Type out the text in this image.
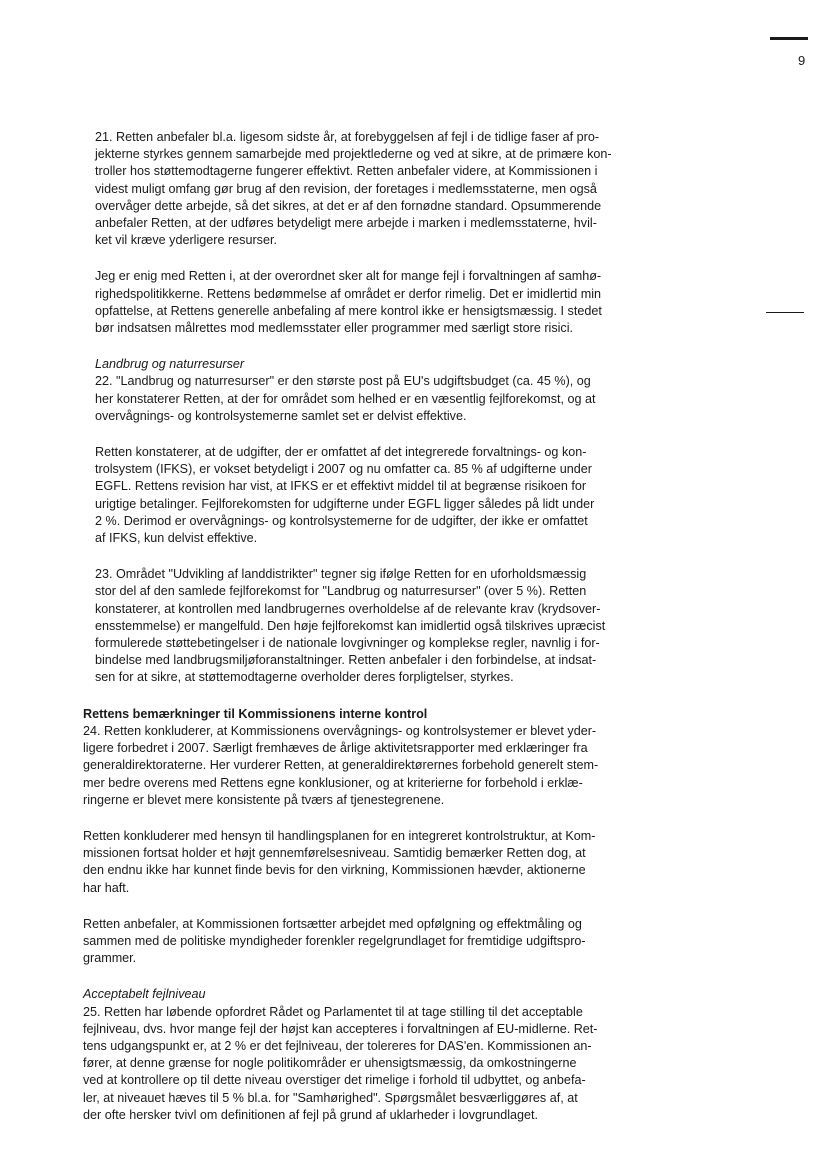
9

21. Retten anbefaler bl.a. ligesom sidste år, at forebyggelsen af fejl i de tidlige faser af pro-

jekterne styrkes gennem samarbejde med projektlederne og ved at sikre, at de primære kon-

troller hos støttemodtagerne fungerer effektivt. Retten anbefaler videre, at Kommissionen i

videst muligt omfang gør brug af den revision, der foretages i medlemsstaterne, men også

overvåger dette arbejde, så det sikres, at det er af den fornødne standard. Opsummerende

anbefaler Retten, at der udføres betydeligt mere arbejde i marken i medlemsstaterne, hvil-

ket vil kræve yderligere resurser.

Jeg er enig med Retten i, at der overordnet sker alt for mange fejl i forvaltningen af samhø-

righedspolitikkerne. Rettens bedømmelse af området er derfor rimelig. Det er imidlertid min

opfattelse, at Rettens generelle anbefaling af mere kontrol ikke er hensigtsmæssig. I stedet

bør indsatsen målrettes mod medlemsstater eller programmer med særligt store risici.

Landbrug og naturresurser

22. "Landbrug og naturresurser" er den største post på EU's udgiftsbudget (ca. 45 %), og

her konstaterer Retten, at der for området som helhed er en væsentlig fejlforekomst, og at

overvågnings- og kontrolsystemerne samlet set er delvist effektive.

Retten konstaterer, at de udgifter, der er omfattet af det integrerede forvaltnings- og kon-

trolsystem (IFKS), er vokset betydeligt i 2007 og nu omfatter ca. 85 % af udgifterne under

EGFL. Rettens revision har vist, at IFKS er et effektivt middel til at begrænse risikoen for

urigtige betalinger. Fejlforekomsten for udgifterne under EGFL ligger således på lidt under

2 %. Derimod er overvågnings- og kontrolsystemerne for de udgifter, der ikke er omfattet

af IFKS, kun delvist effektive.

23. Området "Udvikling af landdistrikter" tegner sig ifølge Retten for en uforholdsmæssig

stor del af den samlede fejlforekomst for "Landbrug og naturresurser" (over 5 %). Retten

konstaterer, at kontrollen med landbrugernes overholdelse af de relevante krav (krydsover-

ensstemmelse) er mangelfuld. Den høje fejlforekomst kan imidlertid også tilskrives upræcist

formulerede støttebetingelser i de nationale lovgivninger og komplekse regler, navnlig i for-

bindelse med landbrugsmiljøforanstaltninger. Retten anbefaler i den forbindelse, at indsat-

sen for at sikre, at støttemodtagerne overholder deres forpligtelser, styrkes.

Rettens bemærkninger til Kommissionens interne kontrol

24. Retten konkluderer, at Kommissionens overvågnings- og kontrolsystemer er blevet yder-

ligere forbedret i 2007. Særligt fremhæves de årlige aktivitetsrapporter med erklæringer fra

generaldirektoraterne. Her vurderer Retten, at generaldirektørernes forbehold generelt stem-

mer bedre overens med Rettens egne konklusioner, og at kriterierne for forbehold i erklæ-

ringerne er blevet mere konsistente på tværs af tjenestegrenene.

Retten konkluderer med hensyn til handlingsplanen for en integreret kontrolstruktur, at Kom-

missionen fortsat holder et højt gennemførelsesniveau. Samtidig bemærker Retten dog, at

den endnu ikke har kunnet finde bevis for den virkning, Kommissionen hævder, aktionerne

har haft.

Retten anbefaler, at Kommissionen fortsætter arbejdet med opfølgning og effektmåling og

sammen med de politiske myndigheder forenkler regelgrundlaget for fremtidige udgiftspro-

grammer.

Acceptabelt fejlniveau

25. Retten har løbende opfordret Rådet og Parlamentet til at tage stilling til det acceptable

fejlniveau, dvs. hvor mange fejl der højst kan accepteres i forvaltningen af EU-midlerne. Ret-

tens udgangspunkt er, at 2 % er det fejlniveau, der tolereres for DAS'en. Kommissionen an-

fører, at denne grænse for nogle politikområder er uhensigtsmæssig, da omkostningerne

ved at kontrollere op til dette niveau overstiger det rimelige i forhold til udbyttet, og anbefa-

ler, at niveauet hæves til 5 % bl.a. for "Samhørighed". Spørgsmålet besværliggøres af, at

der ofte hersker tvivl om definitionen af fejl på grund af uklarheder i lovgrundlaget.
